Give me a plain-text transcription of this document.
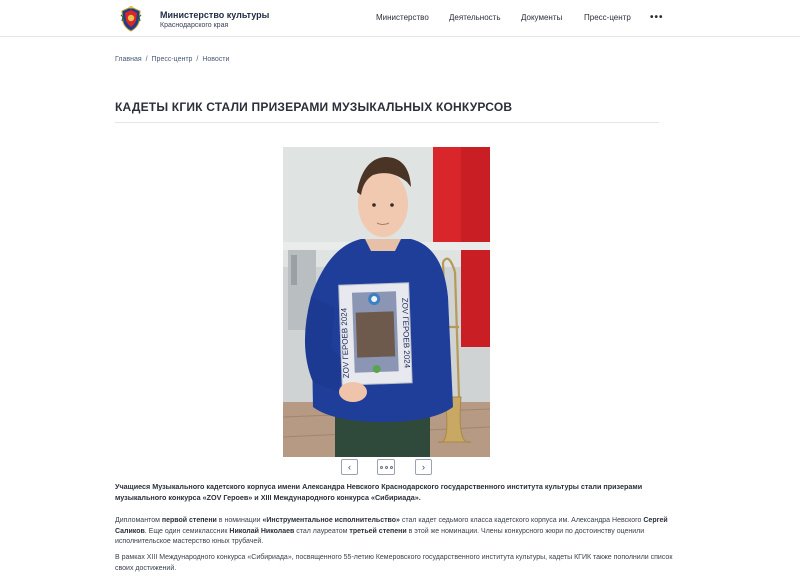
Министерство культуры
Краснодарского края
Министерство	Деятельность	Документы	Пресс-центр •••
Главная / Пресс-центр / Новости
КАДЕТЫ КГИК СТАЛИ ПРИЗЕРАМИ МУЗЫКАЛЬНЫХ КОНКУРСОВ
ZOV ГЕРОЕВ 2024	ZOV ГЕРОЕВ 2024
‹	›

Учащиеся Музыкального кадетского корпуса имени Александра Невского Краснодарского государственного института культуры стали призерами музыкального конкурса «ZOV Героев» и XIII Международного конкурса «Сибириада».

Дипломантом первой степени в номинации «Инструментальное исполнительство» стал кадет седьмого класса кадетского корпуса им. Александра Невского Сергей Саликов. Еще один семиклассник Николай Николаев стал лауреатом третьей степени в этой же номинации. Члены конкурсного жюри по достоинству оценили исполнительское мастерство юных трубачей.

В рамках XIII Международного конкурса «Сибириада», посвященного 55-летию Кемеровского государственного института культуры, кадеты КГИК также пополнили список своих достижений.
